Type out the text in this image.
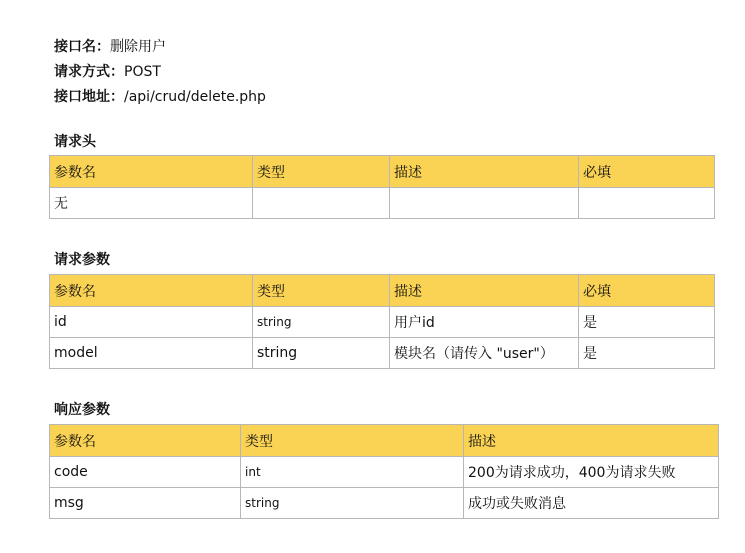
接口名：删除用户
请求方式：POST
接口地址：/api/crud/delete.php
请求头
参数名	类型	描述	必填
无			
请求参数
参数名	类型	描述	必填
id	string	用户id	是
model	string	模块名（请传入 "user"）	是
响应参数
参数名	类型	描述
code	int	200为请求成功，400为请求失败
msg	string	成功或失败消息
